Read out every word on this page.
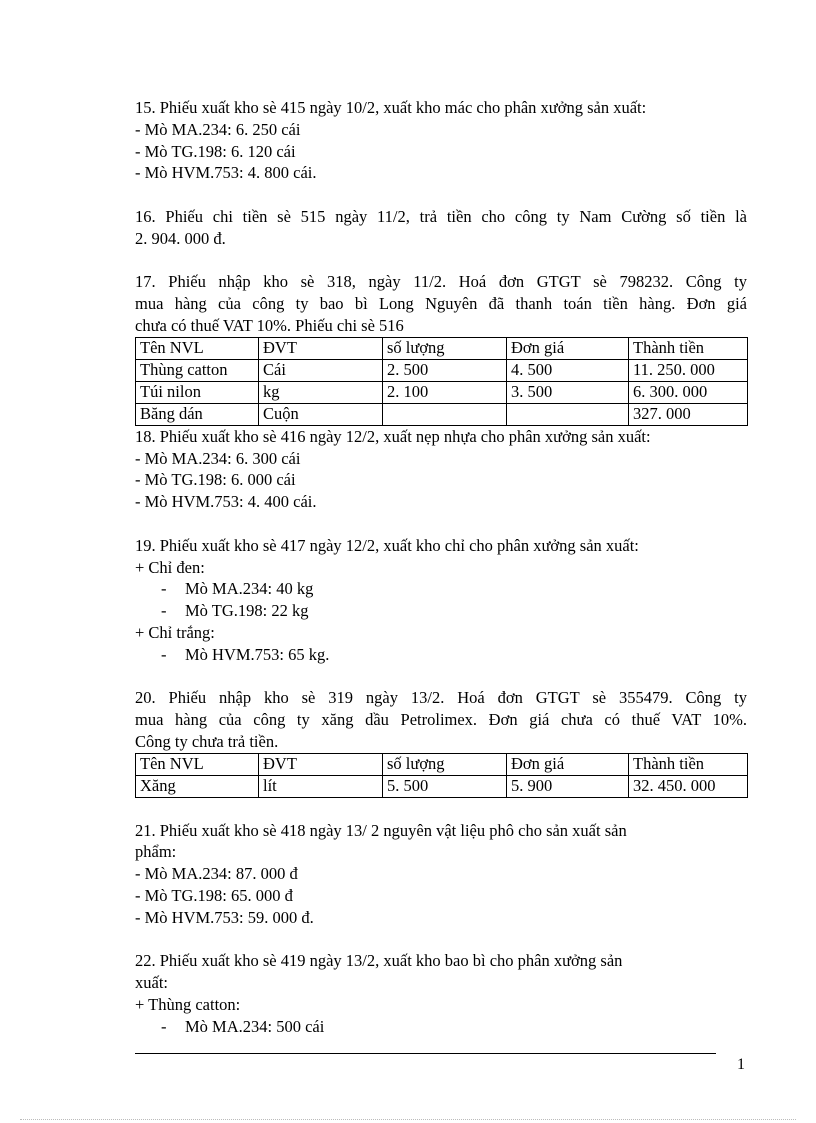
15. Phiếu xuất kho sè 415 ngày 10/2, xuất kho mác cho phân xưởng sản xuất:

- Mò MA.234: 6. 250 cái

- Mò TG.198: 6. 120 cái

- Mò HVM.753: 4. 800 cái.

16. Phiếu chi tiền sè 515 ngày 11/2, trả tiền cho công ty Nam Cường số tiền là

2. 904. 000 đ.

17. Phiếu nhập kho sè 318, ngày 11/2. Hoá đơn GTGT sè 798232. Công ty

mua hàng của công ty bao bì Long Nguyên đã thanh toán tiền hàng. Đơn giá

chưa có thuế VAT 10%. Phiếu chi sè 516

Tên NVL	ĐVT	số lượng	Đơn giá	Thành tiền
Thùng catton	Cái	2. 500	4. 500	11. 250. 000
Túi nilon	kg	2. 100	3. 500	6. 300. 000
Băng dán	Cuộn			327. 000

18. Phiếu xuất kho sè 416 ngày 12/2, xuất nẹp nhựa cho phân xưởng sản xuất:

- Mò MA.234: 6. 300 cái

- Mò TG.198: 6. 000 cái

- Mò HVM.753: 4. 400 cái.

19. Phiếu xuất kho sè 417 ngày 12/2, xuất kho chỉ cho phân xưởng sản xuất:

+ Chỉ đen:

- Mò MA.234: 40 kg

- Mò TG.198: 22 kg

+ Chỉ trắng:

- Mò HVM.753: 65 kg.

20. Phiếu nhập kho sè 319 ngày 13/2. Hoá đơn GTGT sè 355479. Công ty

mua hàng của công ty xăng dầu Petrolimex. Đơn giá chưa có thuế VAT 10%.

Công ty chưa trả tiền.

Tên NVL	ĐVT	số lượng	Đơn giá	Thành tiền
Xăng	lít	5. 500	5. 900	32. 450. 000

21. Phiếu xuất kho sè 418 ngày 13/ 2 nguyên vật liệu phô cho sản xuất sản

phẩm:

- Mò MA.234: 87. 000 đ

- Mò TG.198: 65. 000 đ

- Mò HVM.753: 59. 000 đ.

22. Phiếu xuất kho sè 419 ngày 13/2, xuất kho bao bì cho phân xưởng sản

xuất:

+ Thùng catton:

- Mò MA.234: 500 cái

1
